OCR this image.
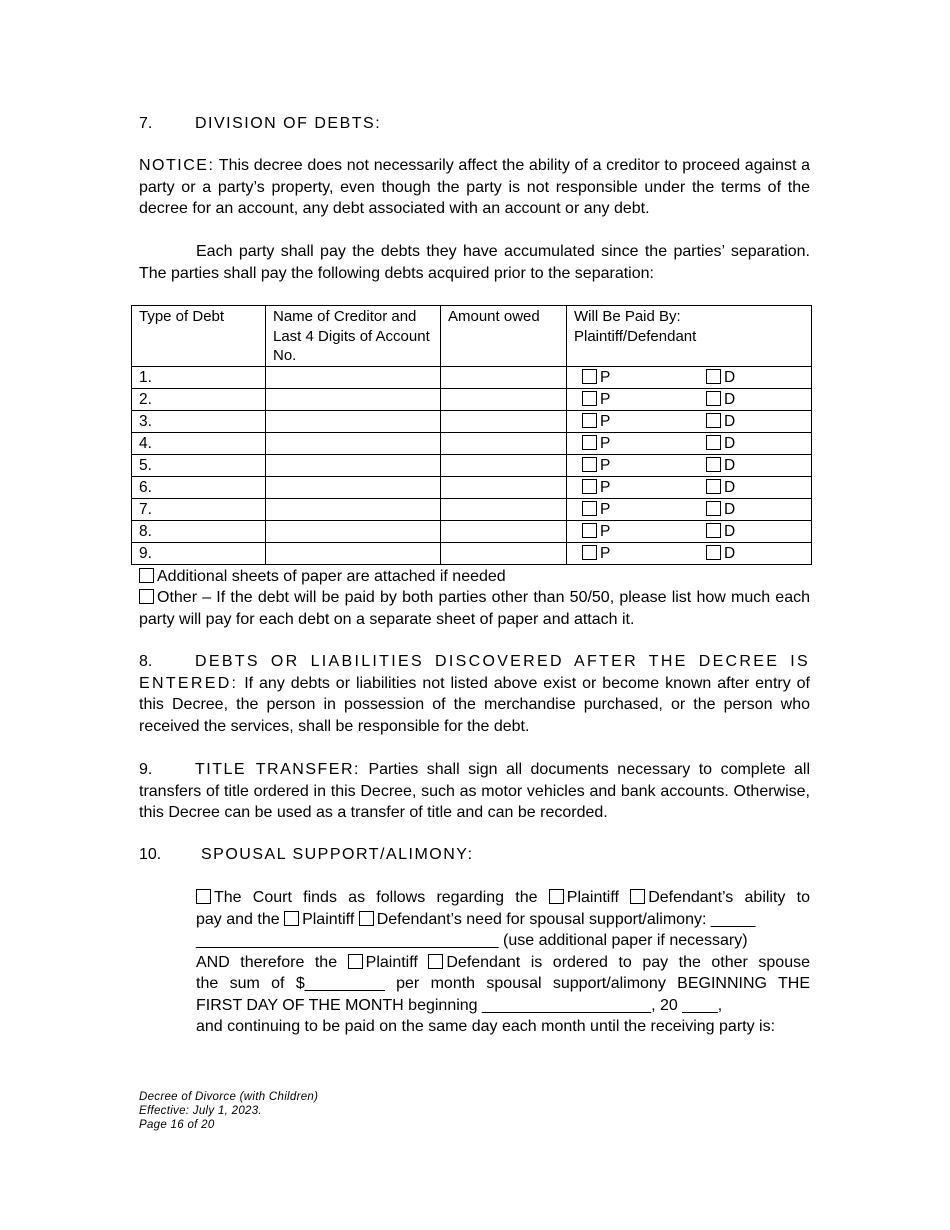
7.	DIVISION OF DEBTS:
NOTICE: This decree does not necessarily affect the ability of a creditor to proceed against a party or a party’s property, even though the party is not responsible under the terms of the decree for an account, any debt associated with an account or any debt.
Each party shall pay the debts they have accumulated since the parties’ separation. The parties shall pay the following debts acquired prior to the separation:
Type of Debt	Name of Creditor and Last 4 Digits of Account No.	Amount owed	Will Be Paid By: Plaintiff/Defendant
1.			P D

2.			P D

3.			P D

4.			P D

5.			P D

6.			P D

7.			P D

8.			P D

9.			P D
Additional sheets of paper are attached if needed
Other – If the debt will be paid by both parties other than 50/50, please list how much each party will pay for each debt on a separate sheet of paper and attach it.
8.	DEBTS OR LIABILITIES DISCOVERED AFTER THE DECREE IS ENTERED: If any debts or liabilities not listed above exist or become known after entry of this Decree, the person in possession of the merchandise purchased, or the person who received the services, shall be responsible for the debt.
9.	TITLE TRANSFER: Parties shall sign all documents necessary to complete all transfers of title ordered in this Decree, such as motor vehicles and bank accounts. Otherwise, this Decree can be used as a transfer of title and can be recorded.
10. SPOUSAL SUPPORT/ALIMONY:
The Court finds as follows regarding the Plaintiff Defendant’s ability to
pay and the Plaintiff Defendant’s need for spousal support/alimony: _____
__________________________________ (use additional paper if necessary)
AND therefore the Plaintiff Defendant is ordered to pay the other spouse
the sum of $_________ per month spousal support/alimony BEGINNING THE
FIRST DAY OF THE MONTH beginning ___________________, 20 ____,
and continuing to be paid on the same day each month until the receiving party is:
Decree of Divorce (with Children)
Effective: July 1, 2023.
Page 16 of 20
